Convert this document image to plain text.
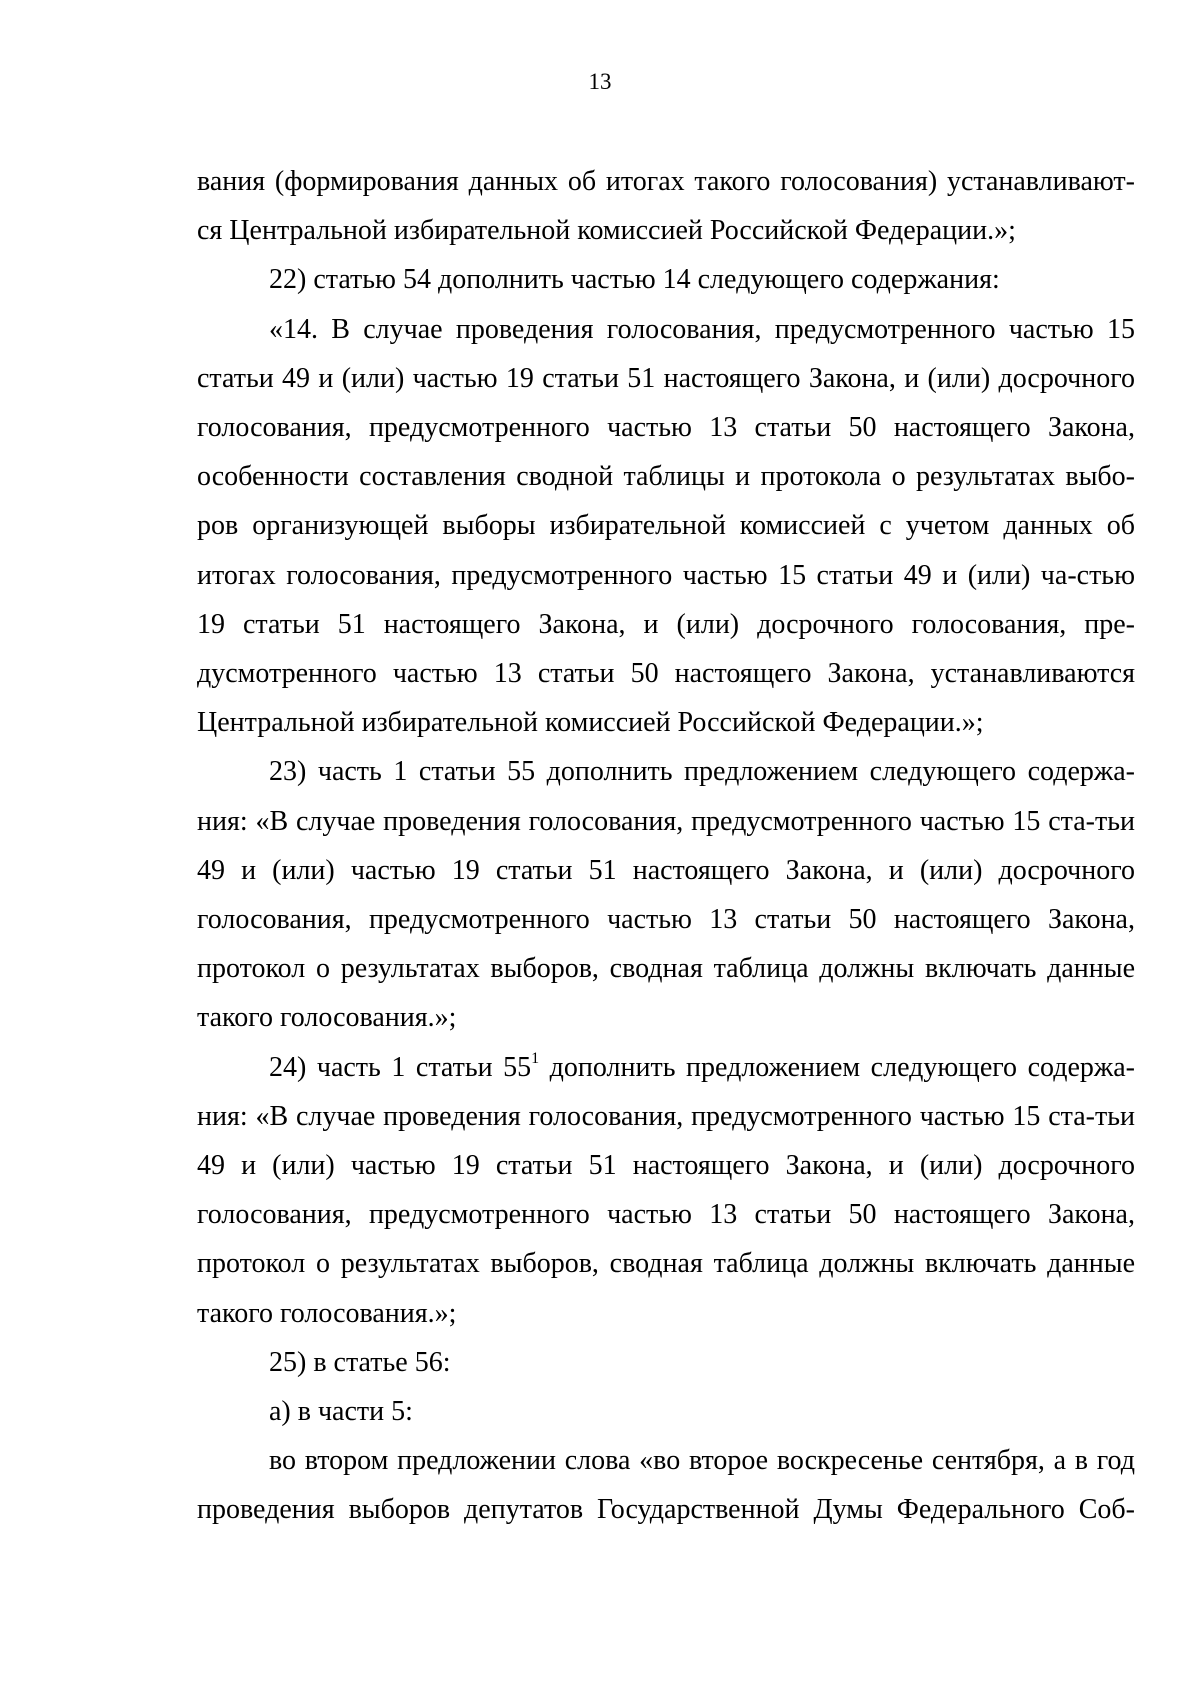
13

вания (формирования данных об итогах такого голосования) устанавливают-ся Центральной избирательной комиссией Российской Федерации.»;

22) статью 54 дополнить частью 14 следующего содержания:

«14. В случае проведения голосования, предусмотренного частью 15 статьи 49 и (или) частью 19 статьи 51 настоящего Закона, и (или) досрочного голосования, предусмотренного частью 13 статьи 50 настоящего Закона, особенности составления сводной таблицы и протокола о результатах выбо-ров организующей выборы избирательной комиссией с учетом данных об итогах голосования, предусмотренного частью 15 статьи 49 и (или) ча-стью 19 статьи 51 настоящего Закона, и (или) досрочного голосования, пре-дусмотренного частью 13 статьи 50 настоящего Закона, устанавливаются Центральной избирательной комиссией Российской Федерации.»;

23) часть 1 статьи 55 дополнить предложением следующего содержа-ния: «В случае проведения голосования, предусмотренного частью 15 ста-тьи 49 и (или) частью 19 статьи 51 настоящего Закона, и (или) досрочного голосования, предусмотренного частью 13 статьи 50 настоящего Закона, протокол о результатах выборов, сводная таблица должны включать данные такого голосования.»;

24) часть 1 статьи $55^1$ дополнить предложением следующего содержа-ния: «В случае проведения голосования, предусмотренного частью 15 ста-тьи 49 и (или) частью 19 статьи 51 настоящего Закона, и (или) досрочного голосования, предусмотренного частью 13 статьи 50 настоящего Закона, протокол о результатах выборов, сводная таблица должны включать данные такого голосования.»;

25) в статье 56:

а) в части 5:

во втором предложении слова «во второе воскресенье сентября, а в год проведения выборов депутатов Государственной Думы Федерального Соб-
